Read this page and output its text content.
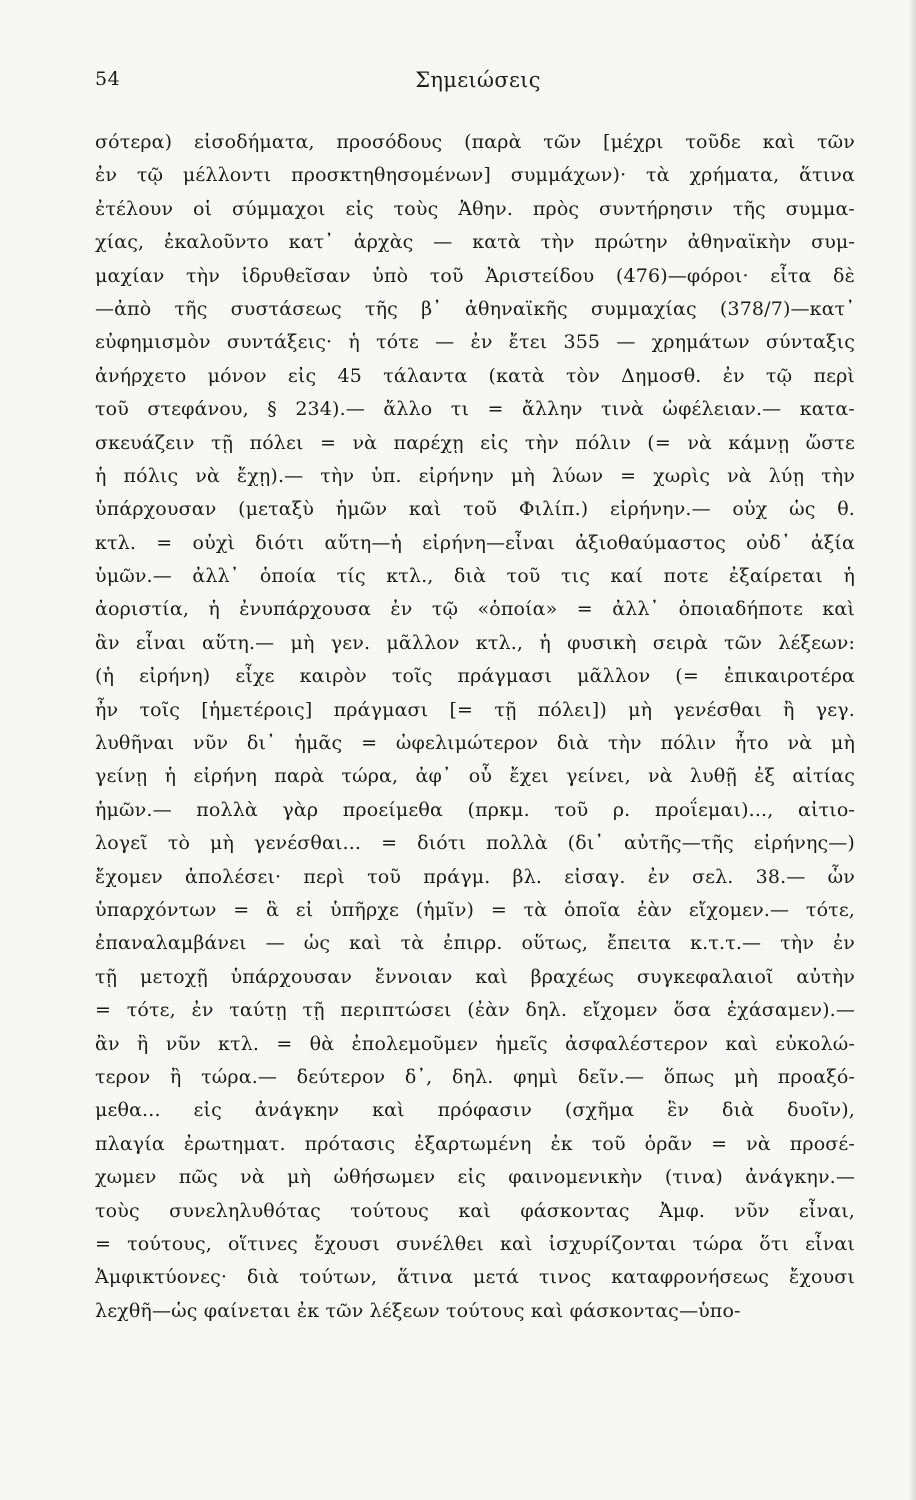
54	Σημειώσεις
σότερα) εἰσοδήματα, προσόδους (παρὰ τῶν [μέχρι τοῦδε καὶ τῶν
ἐν τῷ μέλλοντι προσκτηθησομένων] συμμάχων)· τὰ χρήματα, ἅτινα
ἐτέλουν οἱ σύμμαχοι εἰς τοὺς Ἀθην. πρὸς συντήρησιν τῆς συμμα-
χίας, ἐκαλοῦντο κατ᾽ ἀρχὰς — κατὰ τὴν πρώτην ἀθηναϊκὴν συμ-
μαχίαν τὴν ἱδρυθεῖσαν ὑπὸ τοῦ Ἀριστείδου (476)—φόροι· εἶτα δὲ
—ἀπὸ τῆς συστάσεως τῆς β᾽ ἀθηναϊκῆς συμμαχίας (378/7)—κατ᾽
εὐφημισμὸν συντάξεις· ἡ τότε — ἐν ἔτει 355 — χρημάτων σύνταξις
ἀνήρχετο μόνον εἰς 45 τάλαντα (κατὰ τὸν Δημοσθ. ἐν τῷ περὶ
τοῦ στεφάνου, § 234).— ἄλλο τι = ἄλλην τινὰ ὠφέλειαν.— κατα-
σκευάζειν τῇ πόλει = νὰ παρέχῃ εἰς τὴν πόλιν (= νὰ κάμνῃ ὥστε
ἡ πόλις νὰ ἔχῃ).— τὴν ὑπ. εἰρήνην μὴ λύων = χωρὶς νὰ λύῃ τὴν
ὑπάρχουσαν (μεταξὺ ἡμῶν καὶ τοῦ Φιλίπ.) εἰρήνην.— οὐχ ὡς θ.
κτλ. = οὐχὶ διότι αὕτη—ἡ εἰρήνη—εἶναι ἀξιοθαύμαστος οὐδ᾽ ἀξία
ὑμῶν.— ἀλλ᾽ ὁποία τίς κτλ., διὰ τοῦ τις καί ποτε ἐξαίρεται ἡ
ἀοριστία, ἡ ἐνυπάρχουσα ἐν τῷ «ὁποία» = ἀλλ᾽ ὁποιαδήποτε καὶ
ἂν εἶναι αὕτη.— μὴ γεν. μᾶλλον κτλ., ἡ φυσικὴ σειρὰ τῶν λέξεων:
(ἡ εἰρήνη) εἶχε καιρὸν τοῖς πράγμασι μᾶλλον (= ἐπικαιροτέρα
ἦν τοῖς [ἡμετέροις] πράγμασι [= τῇ πόλει]) μὴ γενέσθαι ἢ γεγ.
λυθῆναι νῦν δι᾽ ἡμᾶς = ὠφελιμώτερον διὰ τὴν πόλιν ἦτο νὰ μὴ
γείνῃ ἡ εἰρήνη παρὰ τώρα, ἀφ᾽ οὗ ἔχει γείνει, νὰ λυθῇ ἐξ αἰτίας
ἡμῶν.— πολλὰ γὰρ προείμεθα (πρκμ. τοῦ ρ. προΐεμαι)..., αἰτιο-
λογεῖ τὸ μὴ γενέσθαι... = διότι πολλὰ (δι᾽ αὐτῆς—τῆς εἰρήνης—)
ἔχομεν ἀπολέσει· περὶ τοῦ πράγμ. βλ. εἰσαγ. ἐν σελ. 38.— ὧν
ὑπαρχόντων = ἃ εἰ ὑπῆρχε (ἡμῖν) = τὰ ὁποῖα ἐὰν εἴχομεν.— τότε,
ἐπαναλαμβάνει — ὡς καὶ τὰ ἐπιρρ. οὕτως, ἔπειτα κ.τ.τ.— τὴν ἐν
τῇ μετοχῇ ὑπάρχουσαν ἔννοιαν καὶ βραχέως συγκεφαλαιοῖ αὐτὴν
= τότε, ἐν ταύτῃ τῇ περιπτώσει (ἐὰν δηλ. εἴχομεν ὅσα ἐχάσαμεν).—
ἂν ἢ νῦν κτλ. = θὰ ἐπολεμοῦμεν ἡμεῖς ἀσφαλέστερον καὶ εὐκολώ-
τερον ἢ τώρα.— δεύτερον δ᾽, δηλ. φημὶ δεῖν.— ὅπως μὴ προαξό-
μεθα... εἰς ἀνάγκην καὶ πρόφασιν (σχῆμα ἓν διὰ δυοῖν),
πλαγία ἐρωτηματ. πρότασις ἐξαρτωμένη ἐκ τοῦ ὁρᾶν = νὰ προσέ-
χωμεν πῶς νὰ μὴ ὠθήσωμεν εἰς φαινομενικὴν (τινα) ἀνάγκην.—
τοὺς συνεληλυθότας τούτους καὶ φάσκοντας Ἀμφ. νῦν εἶναι,
= τούτους, οἵτινες ἔχουσι συνέλθει καὶ ἰσχυρίζονται τώρα ὅτι εἶναι
Ἀμφικτύονες· διὰ τούτων, ἅτινα μετά τινος καταφρονήσεως ἔχουσι
λεχθῆ—ὡς φαίνεται ἐκ τῶν λέξεων τούτους καὶ φάσκοντας—ὑπο-
